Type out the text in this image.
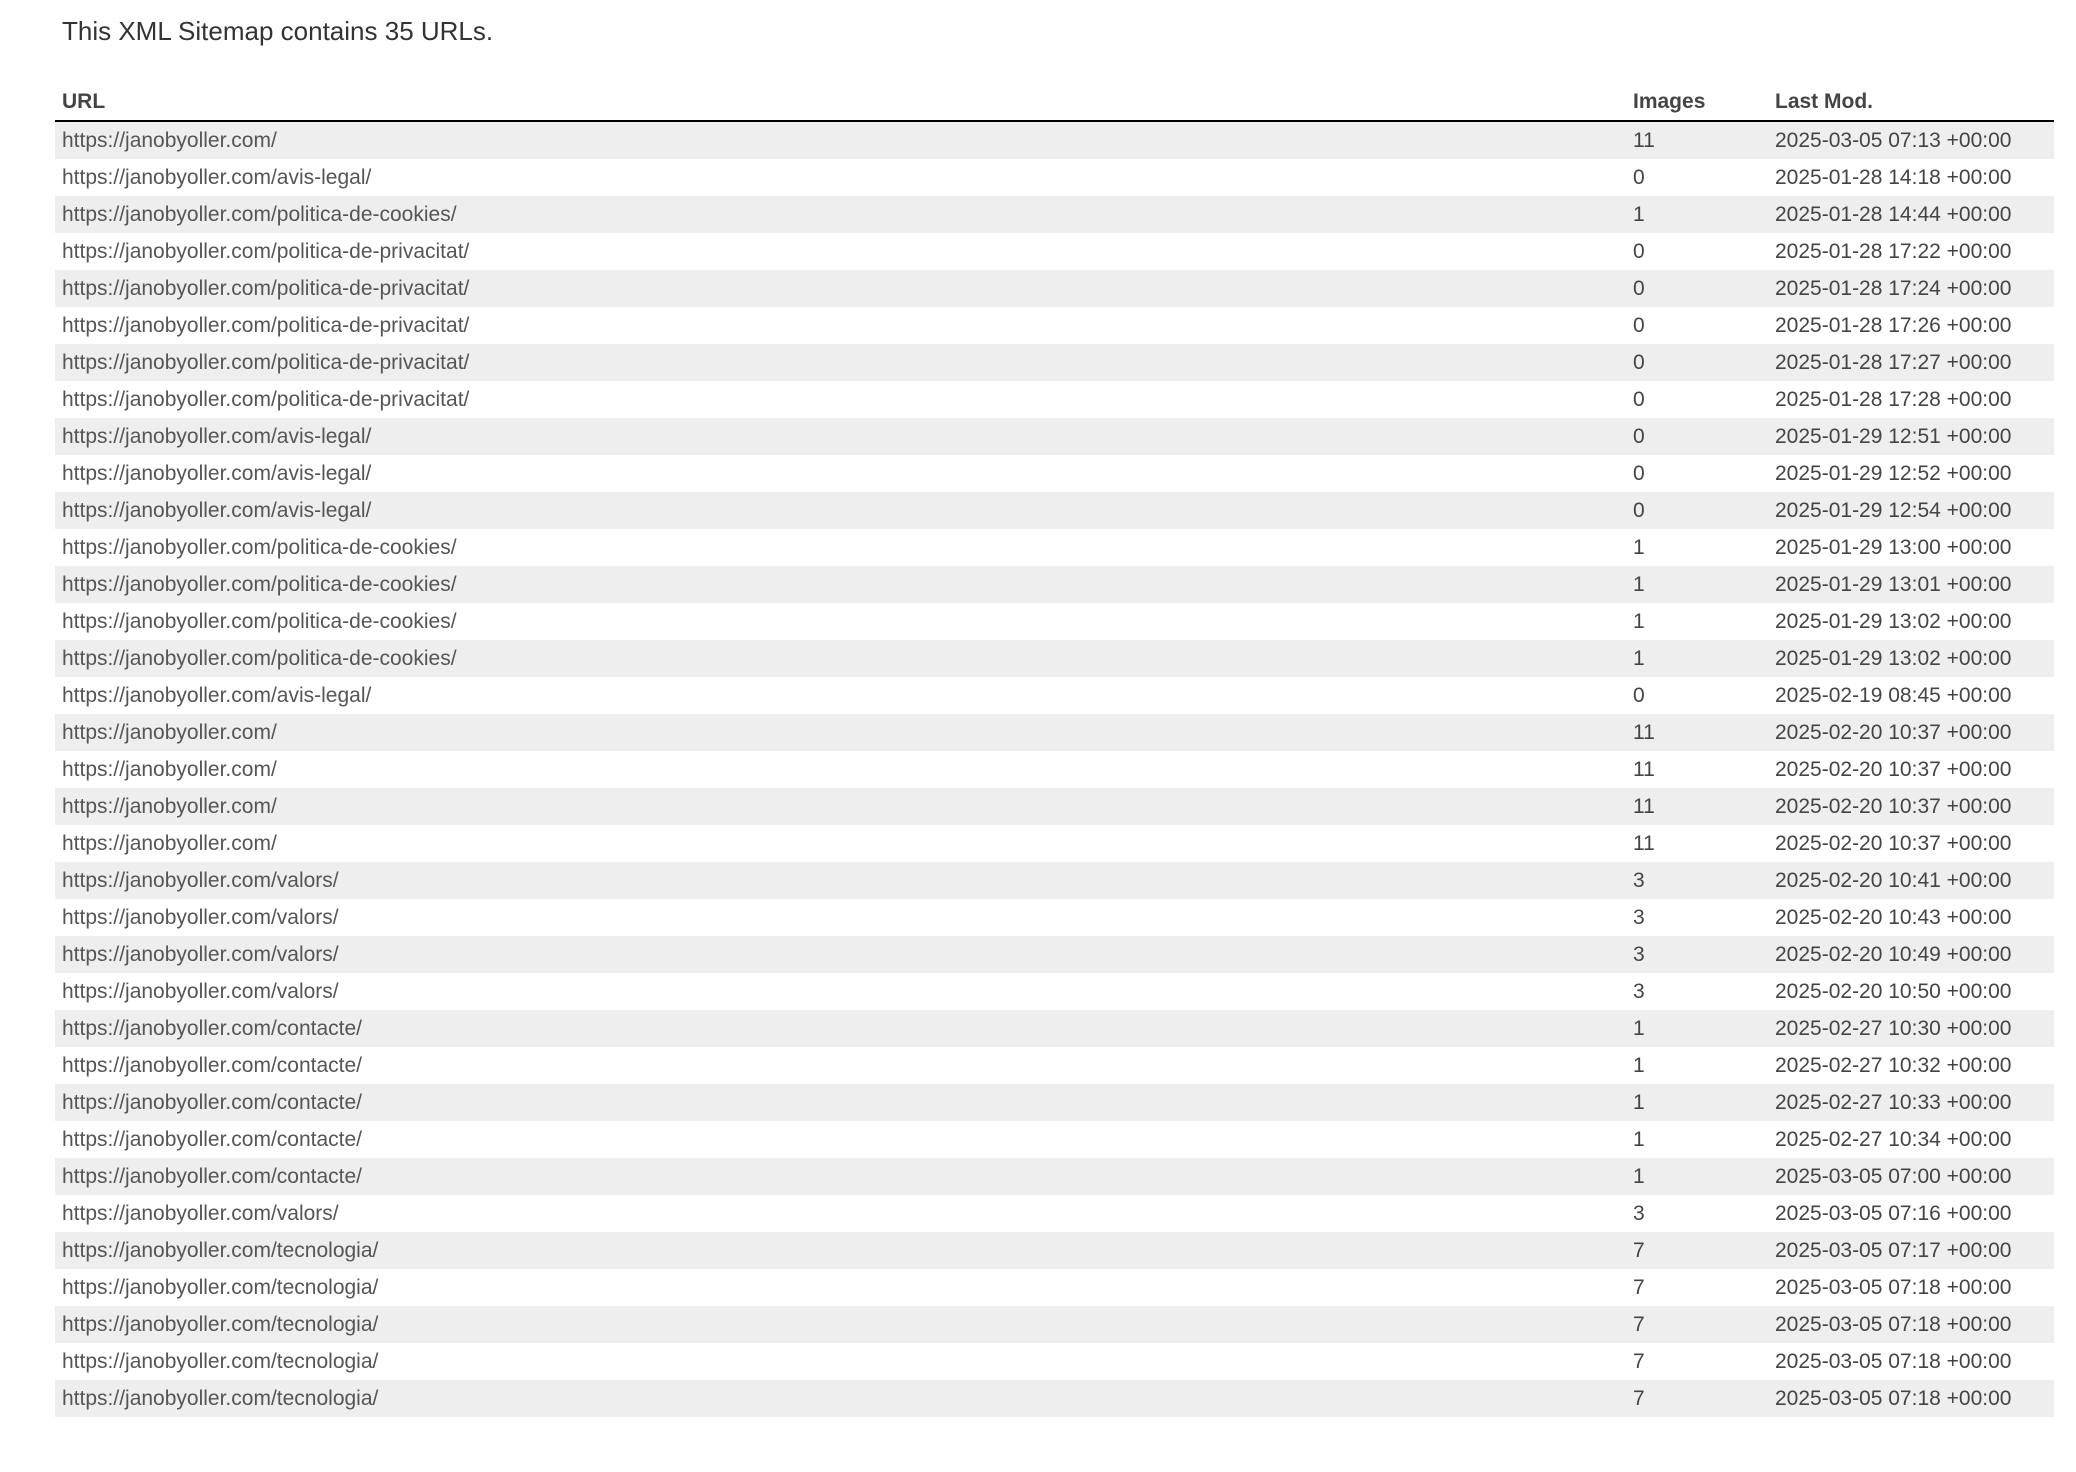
This XML Sitemap contains 35 URLs.

URL	Images	Last Mod.
https://janobyoller.com/	11	2025-03-05 07:13 +00:00
https://janobyoller.com/avis-legal/	0	2025-01-28 14:18 +00:00
https://janobyoller.com/politica-de-cookies/	1	2025-01-28 14:44 +00:00
https://janobyoller.com/politica-de-privacitat/	0	2025-01-28 17:22 +00:00
https://janobyoller.com/politica-de-privacitat/	0	2025-01-28 17:24 +00:00
https://janobyoller.com/politica-de-privacitat/	0	2025-01-28 17:26 +00:00
https://janobyoller.com/politica-de-privacitat/	0	2025-01-28 17:27 +00:00
https://janobyoller.com/politica-de-privacitat/	0	2025-01-28 17:28 +00:00
https://janobyoller.com/avis-legal/	0	2025-01-29 12:51 +00:00
https://janobyoller.com/avis-legal/	0	2025-01-29 12:52 +00:00
https://janobyoller.com/avis-legal/	0	2025-01-29 12:54 +00:00
https://janobyoller.com/politica-de-cookies/	1	2025-01-29 13:00 +00:00
https://janobyoller.com/politica-de-cookies/	1	2025-01-29 13:01 +00:00
https://janobyoller.com/politica-de-cookies/	1	2025-01-29 13:02 +00:00
https://janobyoller.com/politica-de-cookies/	1	2025-01-29 13:02 +00:00
https://janobyoller.com/avis-legal/	0	2025-02-19 08:45 +00:00
https://janobyoller.com/	11	2025-02-20 10:37 +00:00
https://janobyoller.com/	11	2025-02-20 10:37 +00:00
https://janobyoller.com/	11	2025-02-20 10:37 +00:00
https://janobyoller.com/	11	2025-02-20 10:37 +00:00
https://janobyoller.com/valors/	3	2025-02-20 10:41 +00:00
https://janobyoller.com/valors/	3	2025-02-20 10:43 +00:00
https://janobyoller.com/valors/	3	2025-02-20 10:49 +00:00
https://janobyoller.com/valors/	3	2025-02-20 10:50 +00:00
https://janobyoller.com/contacte/	1	2025-02-27 10:30 +00:00
https://janobyoller.com/contacte/	1	2025-02-27 10:32 +00:00
https://janobyoller.com/contacte/	1	2025-02-27 10:33 +00:00
https://janobyoller.com/contacte/	1	2025-02-27 10:34 +00:00
https://janobyoller.com/contacte/	1	2025-03-05 07:00 +00:00
https://janobyoller.com/valors/	3	2025-03-05 07:16 +00:00
https://janobyoller.com/tecnologia/	7	2025-03-05 07:17 +00:00
https://janobyoller.com/tecnologia/	7	2025-03-05 07:18 +00:00
https://janobyoller.com/tecnologia/	7	2025-03-05 07:18 +00:00
https://janobyoller.com/tecnologia/	7	2025-03-05 07:18 +00:00
https://janobyoller.com/tecnologia/	7	2025-03-05 07:18 +00:00
